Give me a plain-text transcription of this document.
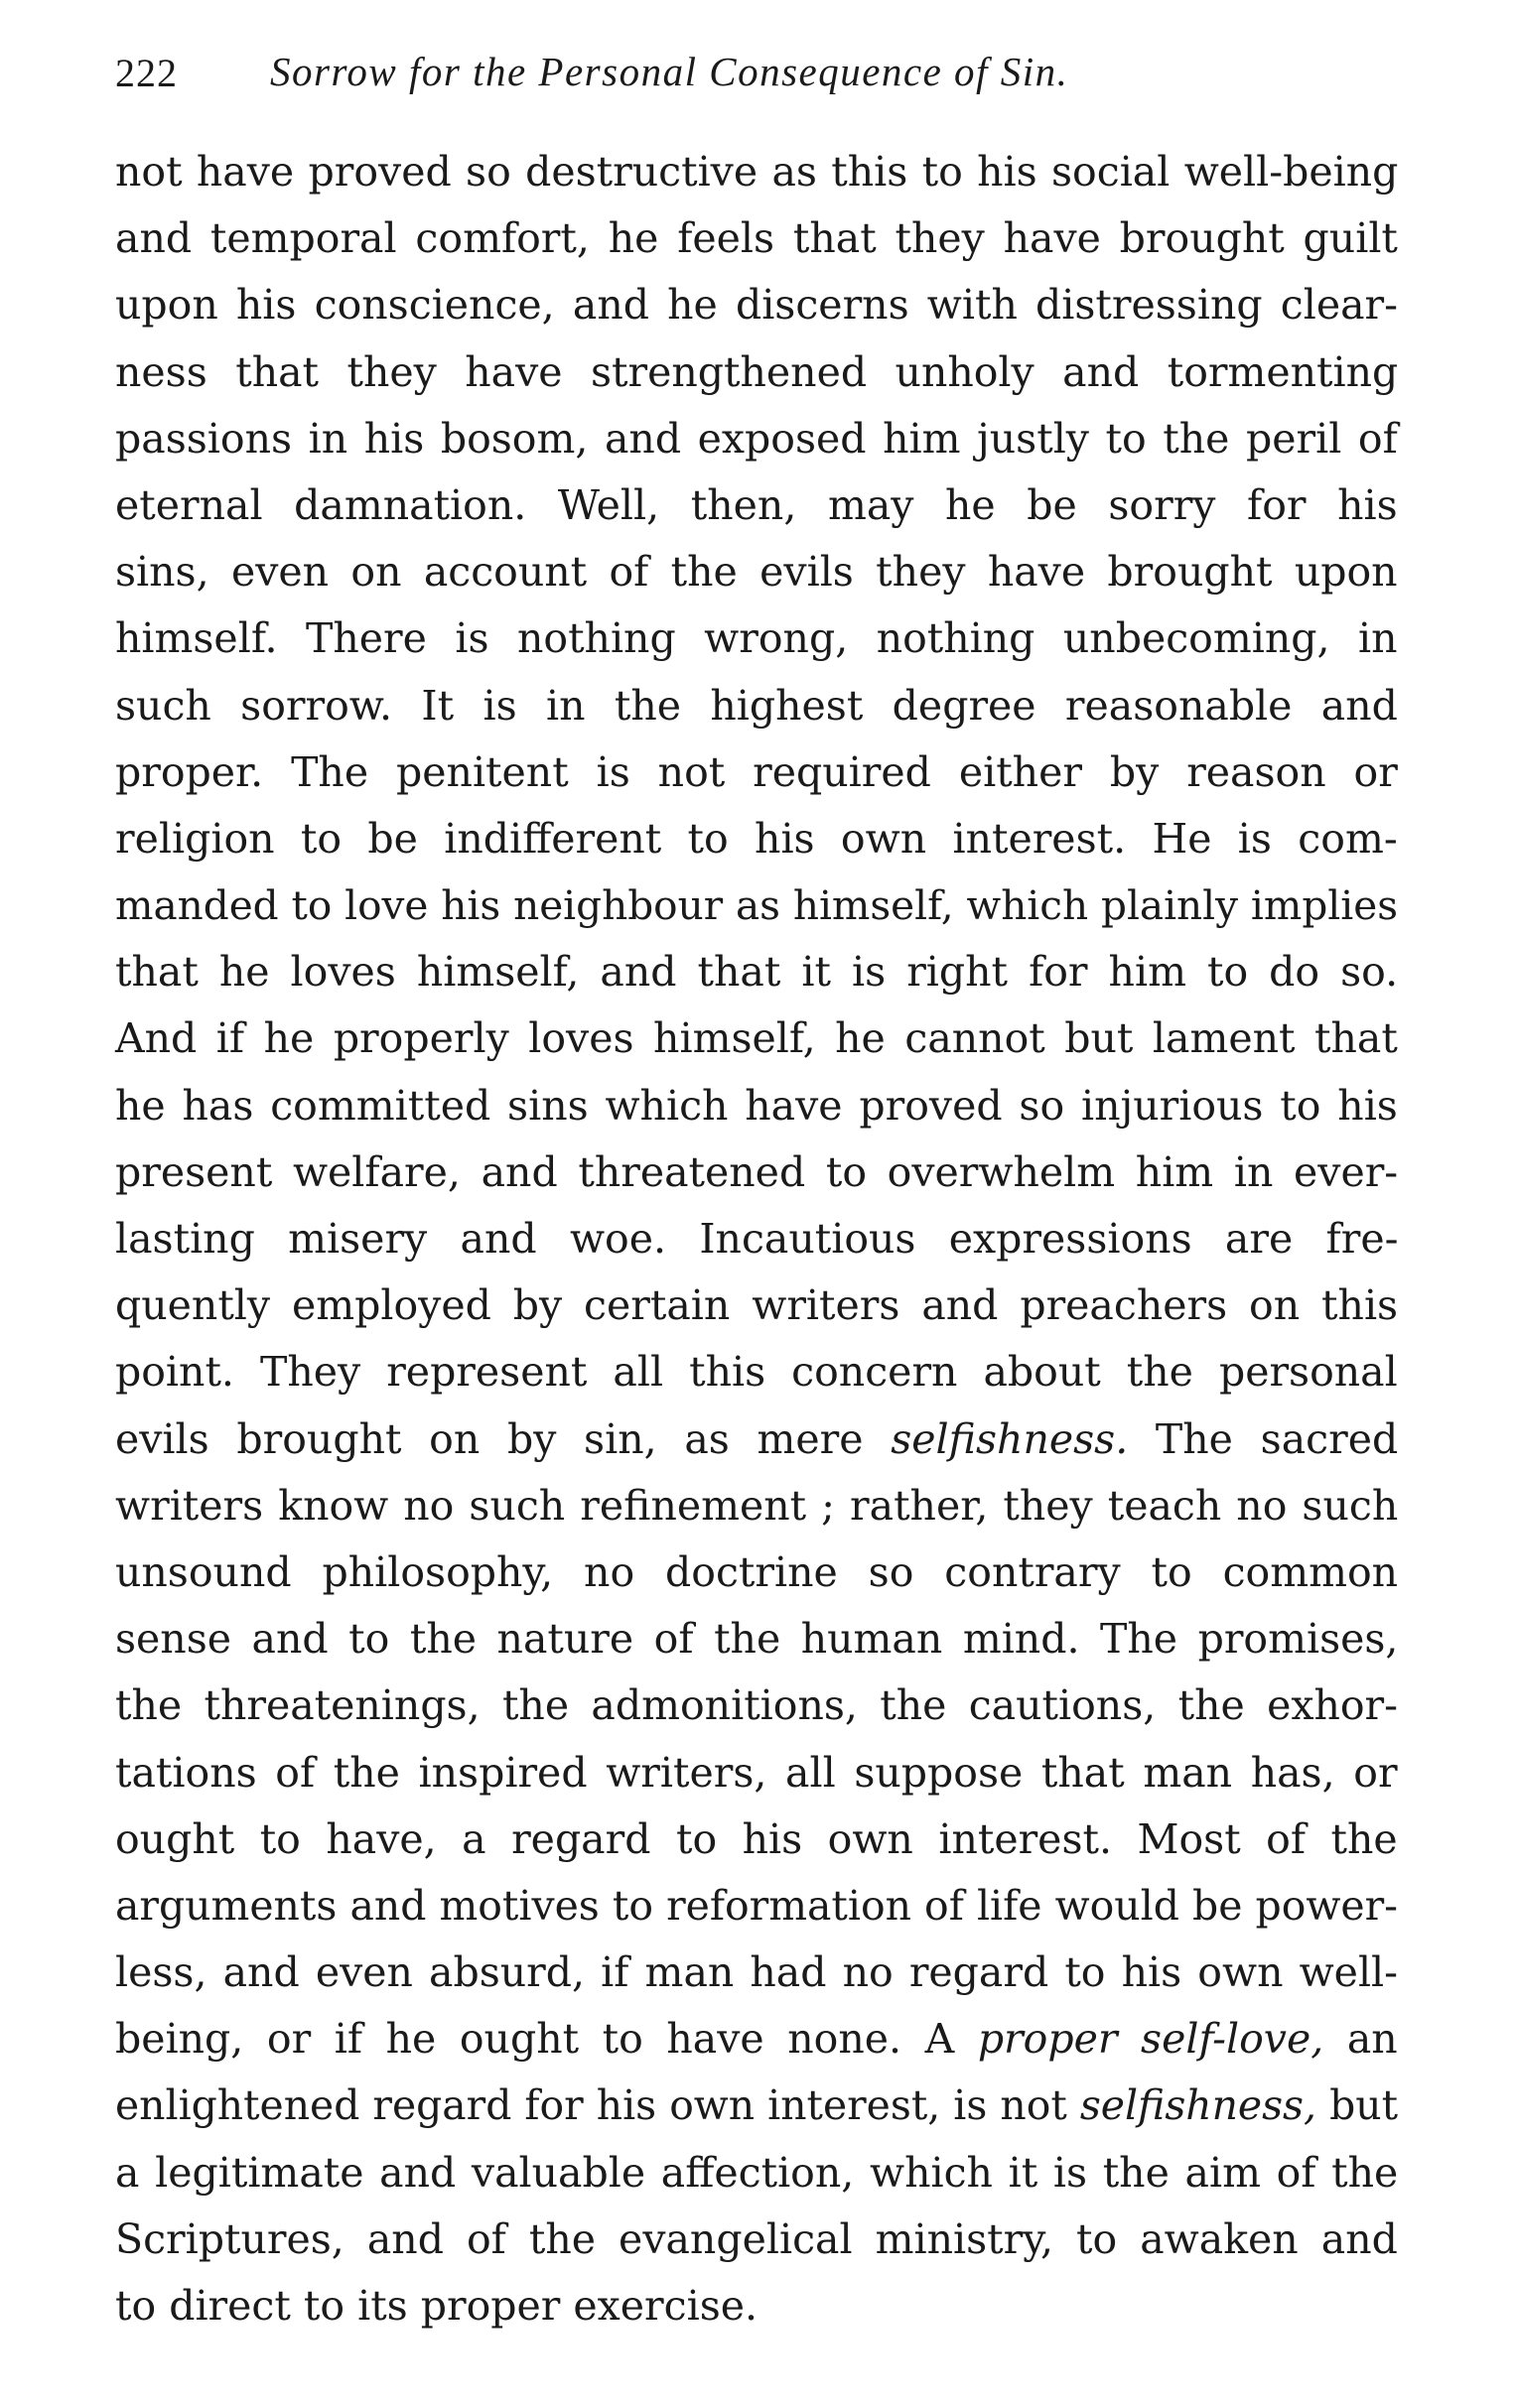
222 Sorrow for the Personal Consequence of Sin.
not have proved so destructive as this to his social well-being
and temporal comfort, he feels that they have brought guilt
upon his conscience, and he discerns with distressing clear-
ness that they have strengthened unholy and tormenting
passions in his bosom, and exposed him justly to the peril of
eternal damnation. Well, then, may he be sorry for his
sins, even on account of the evils they have brought upon
himself. There is nothing wrong, nothing unbecoming, in
such sorrow. It is in the highest degree reasonable and
proper. The penitent is not required either by reason or
religion to be indifferent to his own interest. He is com-
manded to love his neighbour as himself, which plainly implies
that he loves himself, and that it is right for him to do so.
And if he properly loves himself, he cannot but lament that
he has committed sins which have proved so injurious to his
present welfare, and threatened to overwhelm him in ever-
lasting misery and woe. Incautious expressions are fre-
quently employed by certain writers and preachers on this
point. They represent all this concern about the personal
evils brought on by sin, as mere selfishness. The sacred
writers know no such refinement ; rather, they teach no such
unsound philosophy, no doctrine so contrary to common
sense and to the nature of the human mind. The promises,
the threatenings, the admonitions, the cautions, the exhor-
tations of the inspired writers, all suppose that man has, or
ought to have, a regard to his own interest. Most of the
arguments and motives to reformation of life would be power-
less, and even absurd, if man had no regard to his own well-
being, or if he ought to have none. A proper self-love, an
enlightened regard for his own interest, is not selfishness, but
a legitimate and valuable affection, which it is the aim of the
Scriptures, and of the evangelical ministry, to awaken and
to direct to its proper exercise.
